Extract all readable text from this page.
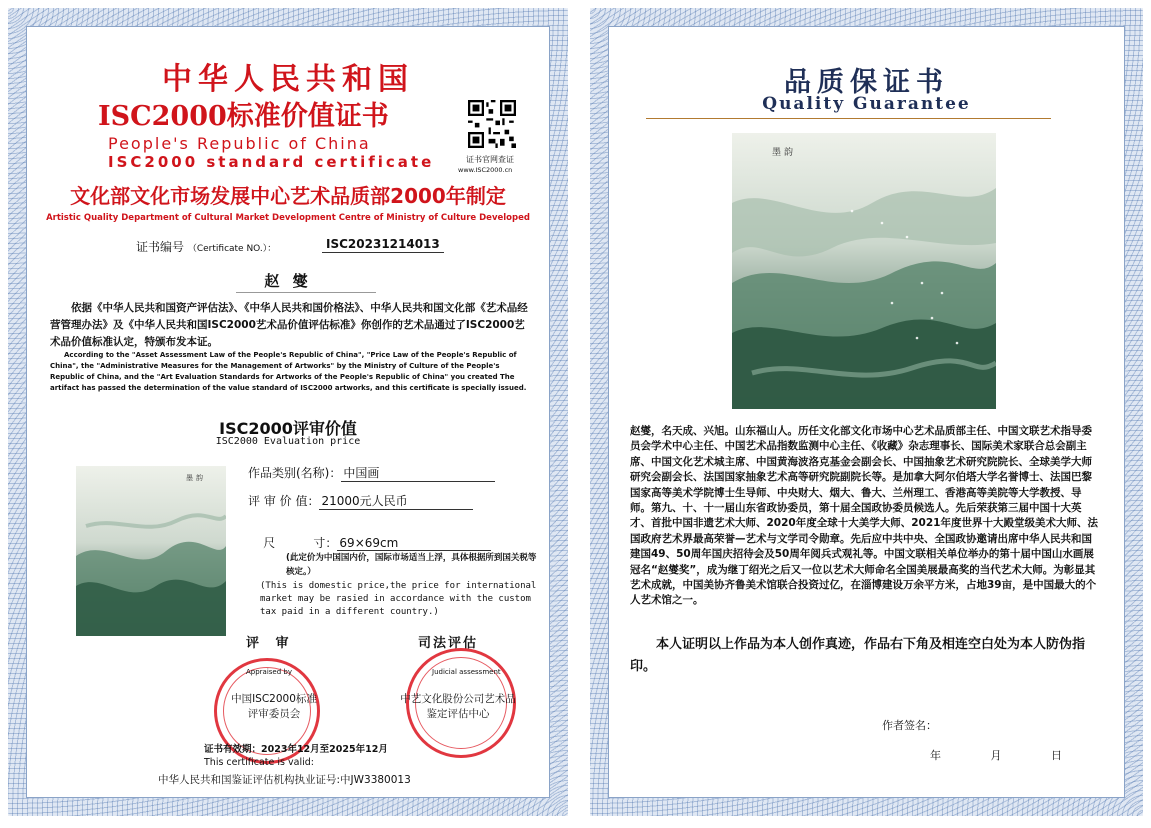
中华人民共和国
ISC2000标准价值证书
People's Republic of China
ISC2000 standard certificate	证书官网查证
www.ISC2000.cn
文化部文化市场发展中心艺术品质部2000年制定
Artistic Quality Department of Cultural Market Development Centre of Ministry of Culture Developed
证书编号 （Certificate NO.）：	ISC20231214013
赵 燮
依据《中华人民共和国资产评估法》、《中华人民共和国价格法》、中华人民共和国文化部《艺术品经营管理办法》及《中华人民共和国ISC2000艺术品价值评估标准》你创作的艺术品通过了ISC2000艺术品价值标准认定，特颁布发本证。
According to the "Asset Assessment Law of the People's Republic of China", "Price Law of the People's Republic of China", the "Administrative Measures for the Management of Artworks" by the Ministry of Culture of the People's Republic of China, and the "Art Evaluation Standards for Artworks of the People's Republic of China" you created The artifact has passed the determination of the value standard of ISC2000 artworks, and this certificate is specially issued.
ISC2000评审价值
ISC2000 Evaluation price
墨 韵	作品类别(名称)： 中国画
评 审 价 值： 21000元人民币

尺          寸： 69×69cm

(此定价为中国国内价，国际市场适当上浮，具体根据所到国关税等核定。）
(This is domestic price,the price for international market may be rasied in accordance with the custom tax paid in a different country.)
评 审	司法评估
Appraised by
中国ISC2000标准
评审委员会
Judicial assessment
中艺文化股份公司艺术品
鉴定评估中心
证书有效期：2023年12月至2025年12月
This certificate is valid:
中华人民共和国鉴证评估机构执业证号:中JW3380013
品质保证书
Quality Guarantee
墨 韵
赵燮，名天成、兴旭。山东福山人。历任文化部文化市场中心艺术品质部主任、中国文联艺术指导委员会学术中心主任、中国艺术品指数监测中心主任、《收藏》杂志理事长、国际美术家联合总会副主席、中国文化艺术城主席、中国黄海波洛克基金会副会长、中国抽象艺术研究院院长、全球美学大师研究会副会长、法国国家抽象艺术高等研究院副院长等。是加拿大阿尔伯塔大学名誉博士、法国巴黎国家高等美术学院博士生导师、中央财大、烟大、鲁大、兰州理工、香港高等美院等大学教授、导师。第九、十、十一届山东省政协委员，第十届全国政协委员候选人。先后荣获第三届中国十大英才、首批中国非遗艺术大师、2020年度全球十大美学大师、2021年度世界十大殿堂级美术大师、法国政府艺术界最高荣誉—艺术与文学司令勋章。先后应中共中央、全国政协邀请出席中华人民共和国建国49、50周年国庆招待会及50周年阅兵式观礼等。中国文联相关单位举办的第十届中国山水画展冠名“赵燮奖”，成为继丁绍光之后又一位以艺术大师命名全国美展最高奖的当代艺术大师。为彰显其艺术成就，中国美协齐鲁美术馆联合投资过亿，在淄博建设万余平方米，占地39亩，是中国最大的个人艺术馆之一。
本人证明以上作品为本人创作真迹，作品右下角及相连空白处为本人防伪指印。
作者签名：
年 月 日
